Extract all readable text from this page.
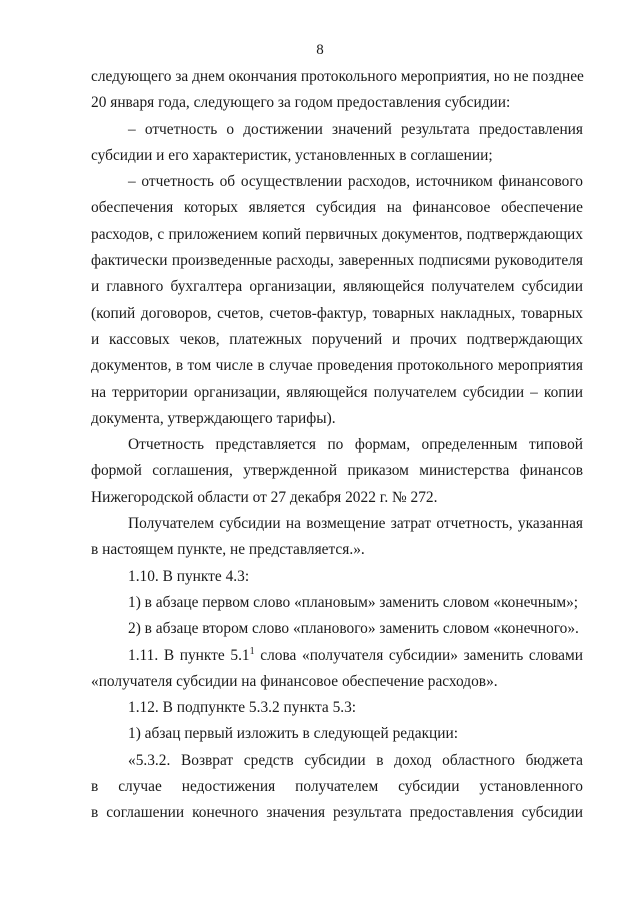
8
следующего за днем окончания протокольного мероприятия, но не позднее
20 января года, следующего за годом предоставления субсидии:
– отчетность о достижении значений результата предоставления
субсидии и его характеристик, установленных в соглашении;
– отчетность об осуществлении расходов, источником финансового
обеспечения которых является субсидия на финансовое обеспечение
расходов, с приложением копий первичных документов, подтверждающих
фактически произведенные расходы, заверенных подписями руководителя
и главного бухгалтера организации, являющейся получателем субсидии
(копий договоров, счетов, счетов-фактур, товарных накладных, товарных
и кассовых чеков, платежных поручений и прочих подтверждающих
документов, в том числе в случае проведения протокольного мероприятия
на территории организации, являющейся получателем субсидии – копии
документа, утверждающего тарифы).
Отчетность представляется по формам, определенным типовой
формой соглашения, утвержденной приказом министерства финансов
Нижегородской области от 27 декабря 2022 г. № 272.
Получателем субсидии на возмещение затрат отчетность, указанная
в настоящем пункте, не представляется.».
1.10. В пункте 4.3:
1) в абзаце первом слово «плановым» заменить словом «конечным»;
2) в абзаце втором слово «планового» заменить словом «конечного».
1.11. В пункте $5.1^1$ слова «получателя субсидии» заменить словами
«получателя субсидии на финансовое обеспечение расходов».
1.12. В подпункте 5.3.2 пункта 5.3:
1) абзац первый изложить в следующей редакции:
«5.3.2. Возврат средств субсидии в доход областного бюджета
в случае недостижения получателем субсидии установленного
в соглашении конечного значения результата предоставления субсидии
